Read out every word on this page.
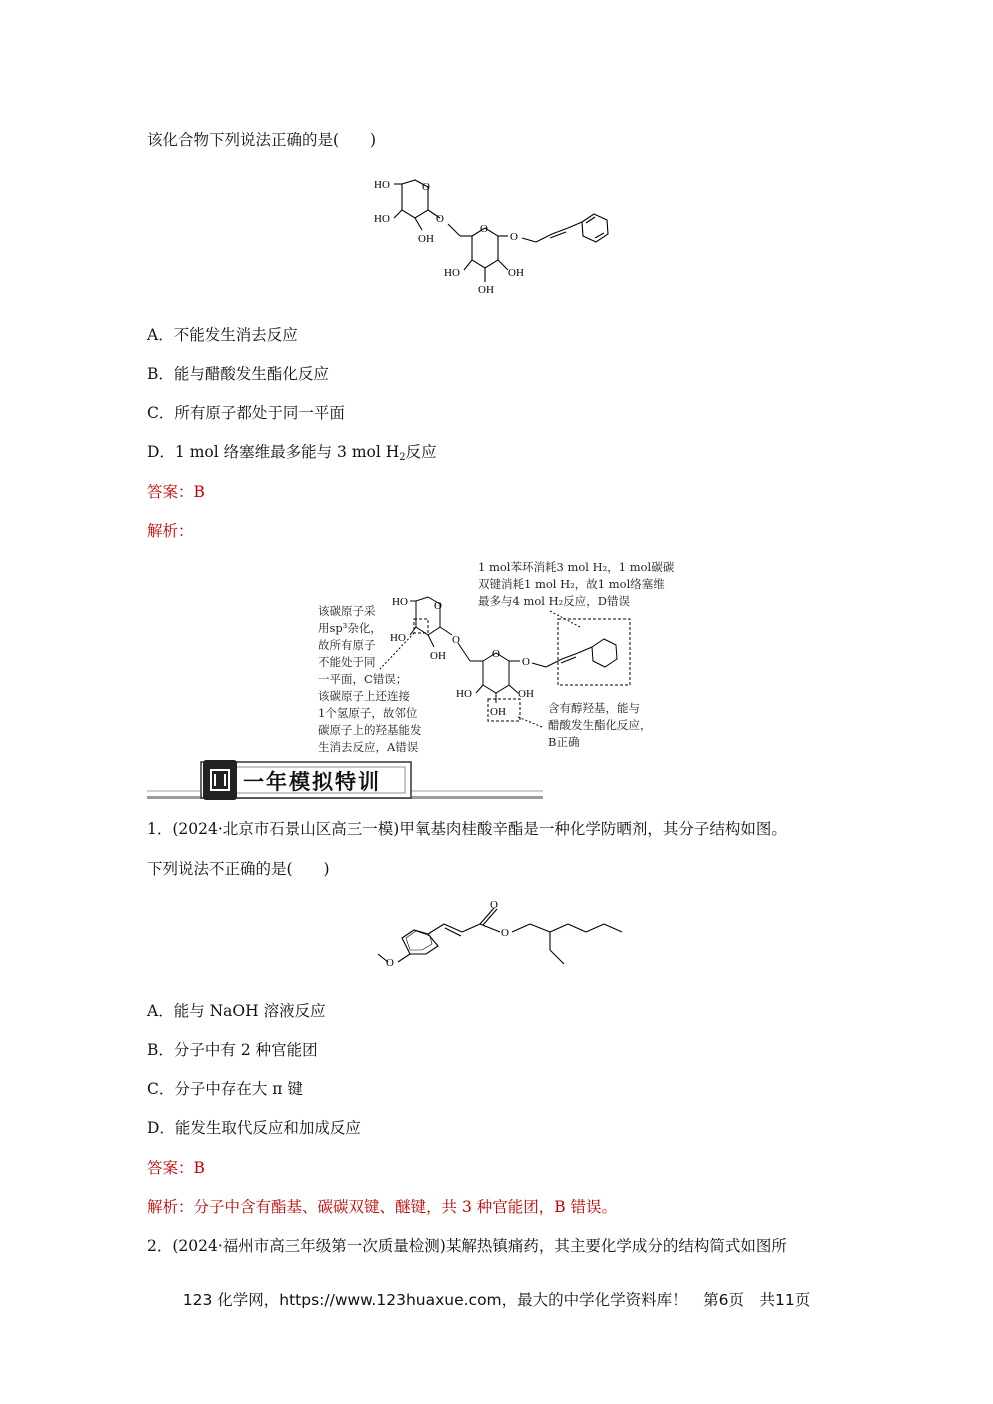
该化合物下列说法正确的是(　　)
HO
HO
OH
O
O
O
O
HO	OH
OH
A．不能发生消去反应
B．能与醋酸发生酯化反应
C．所有原子都处于同一平面
D．1 mol 络塞维最多能与 3 mol $H_2$反应
答案：B
解析：
HO
HO
OH
O
O
O
O
HO	OH
OH
该碳原子采
用sp³杂化，
故所有原子
不能处于同
一平面，C错误；
该碳原子上还连接
1个氢原子，故邻位
碳原子上的羟基能发
生消去反应，A错误
1 mol苯环消耗3 mol H₂，1 mol碳碳
双键消耗1 mol H₂，故1 mol络塞维
最多与4 mol H₂反应，D错误
含有醇羟基，能与
醋酸发生酯化反应，
B正确
一年模拟特训
1．(2024·北京市石景山区高三一模)甲氧基肉桂酸辛酯是一种化学防晒剂，其分子结构如图。
下列说法不正确的是(　　)
O
O
O
A．能与 NaOH 溶液反应
B．分子中有 2 种官能团
C．分子中存在大 π 键
D．能发生取代反应和加成反应
答案：B
解析：分子中含有酯基、碳碳双键、醚键，共 3 种官能团，B 错误。
2．(2024·福州市高三年级第一次质量检测)某解热镇痛药，其主要化学成分的结构简式如图所
123 化学网，https://www.123huaxue.com，最大的中学化学资料库！　第6页　共11页
